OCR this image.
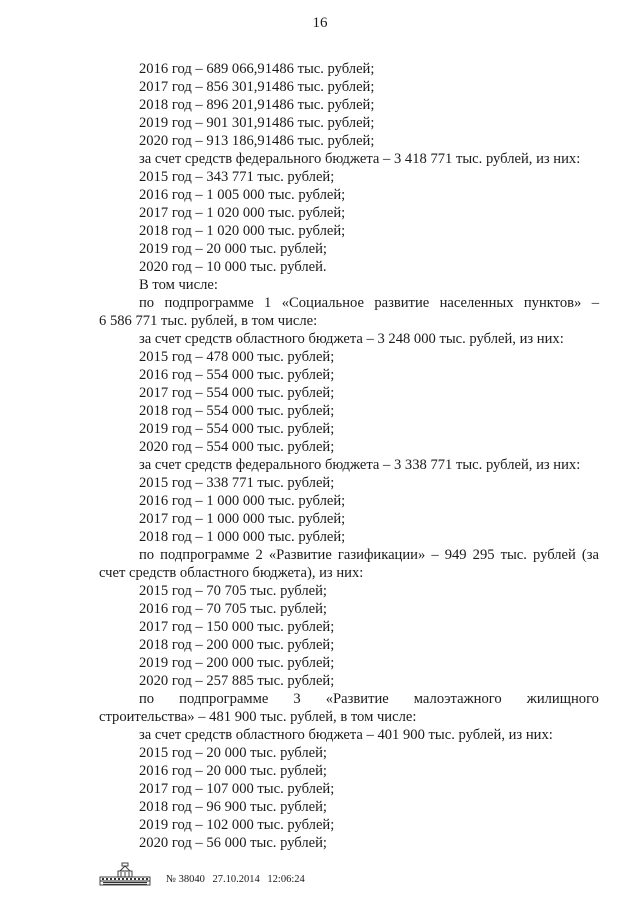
16
2016 год – 689 066,91486 тыс. рублей;
2017 год – 856 301,91486 тыс. рублей;
2018 год – 896 201,91486 тыс. рублей;
2019 год – 901 301,91486 тыс. рублей;
2020 год – 913 186,91486 тыс. рублей;
за счет средств федерального бюджета – 3 418 771 тыс. рублей, из них:
2015 год – 343 771 тыс. рублей;
2016 год – 1 005 000 тыс. рублей;
2017 год – 1 020 000 тыс. рублей;
2018 год – 1 020 000 тыс. рублей;
2019 год – 20 000 тыс. рублей;
2020 год – 10 000 тыс. рублей.
В том числе:
по подпрограмме 1 «Социальное развитие населенных пунктов» –
6 586 771 тыс. рублей, в том числе:
за счет средств областного бюджета – 3 248 000 тыс. рублей, из них:
2015 год – 478 000 тыс. рублей;
2016 год – 554 000 тыс. рублей;
2017 год – 554 000 тыс. рублей;
2018 год – 554 000 тыс. рублей;
2019 год – 554 000 тыс. рублей;
2020 год – 554 000 тыс. рублей;
за счет средств федерального бюджета – 3 338 771 тыс. рублей, из них:
2015 год – 338 771 тыс. рублей;
2016 год – 1 000 000 тыс. рублей;
2017 год – 1 000 000 тыс. рублей;
2018 год – 1 000 000 тыс. рублей;
по подпрограмме 2 «Развитие газификации» – 949 295 тыс. рублей (за
счет средств областного бюджета), из них:
2015 год – 70 705 тыс. рублей;
2016 год – 70 705 тыс. рублей;
2017 год – 150 000 тыс. рублей;
2018 год – 200 000 тыс. рублей;
2019 год – 200 000 тыс. рублей;
2020 год – 257 885 тыс. рублей;
по подпрограмме 3 «Развитие малоэтажного жилищного
строительства» – 481 900 тыс. рублей, в том числе:
за счет средств областного бюджета – 401 900 тыс. рублей, из них:
2015 год – 20 000 тыс. рублей;
2016 год – 20 000 тыс. рублей;
2017 год – 107 000 тыс. рублей;
2018 год – 96 900 тыс. рублей;
2019 год – 102 000 тыс. рублей;
2020 год – 56 000 тыс. рублей;
№ 38040 27.10.2014 12:06:24
